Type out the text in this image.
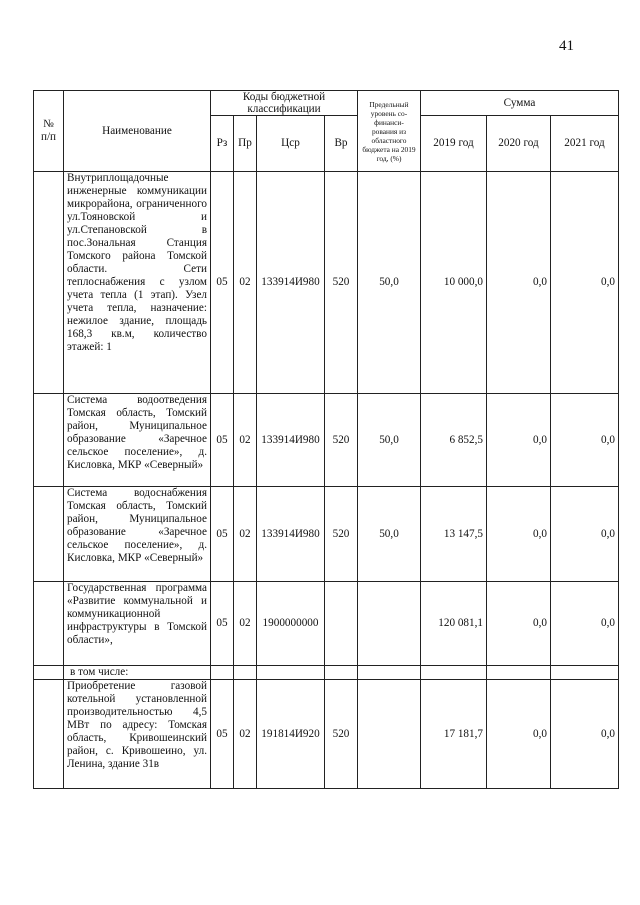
41
№
п/п	Наименование	Коды бюджетной классификации				Предельный уровень со-финанси-рования из областного бюджета на 2019 год, (%)	Сумма		
		Рз	Пр	Цср	Вр		2019 год	2020 год	2021 год
	Внутриплощадочные инженерные коммуникации микрорайона, ограниченного ул.Тояновской и ул.Степановской в пос.Зональная Станция Томского района Томской области. Сети теплоснабжения с узлом учета тепла (1 этап). Узел учета тепла, назначение: нежилое здание, площадь 168,3 кв.м, количество этажей: 1	05	02	133914И980	520	50,0	10 000,0	0,0	0,0
	Система водоотведения Томская область, Томский район, Муниципальное образование «Заречное сельское поселение», д. Кисловка, МКР «Северный»	05	02	133914И980	520	50,0	6 852,5	0,0	0,0
	Система водоснабжения Томская область, Томский район, Муниципальное образование «Заречное сельское поселение», д. Кисловка, МКР «Северный»	05	02	133914И980	520	50,0	13 147,5	0,0	0,0
	Государственная программа «Развитие коммунальной и коммуникационной инфраструктуры в Томской области»,	05	02	1900000000			120 081,1	0,0	0,0
	в том числе:								
	Приобретение газовой котельной установленной производительностью 4,5 МВт по адресу: Томская область, Кривошеинский район, с. Кривошеино, ул. Ленина, здание 31в	05	02	191814И920	520		17 181,7	0,0	0,0
